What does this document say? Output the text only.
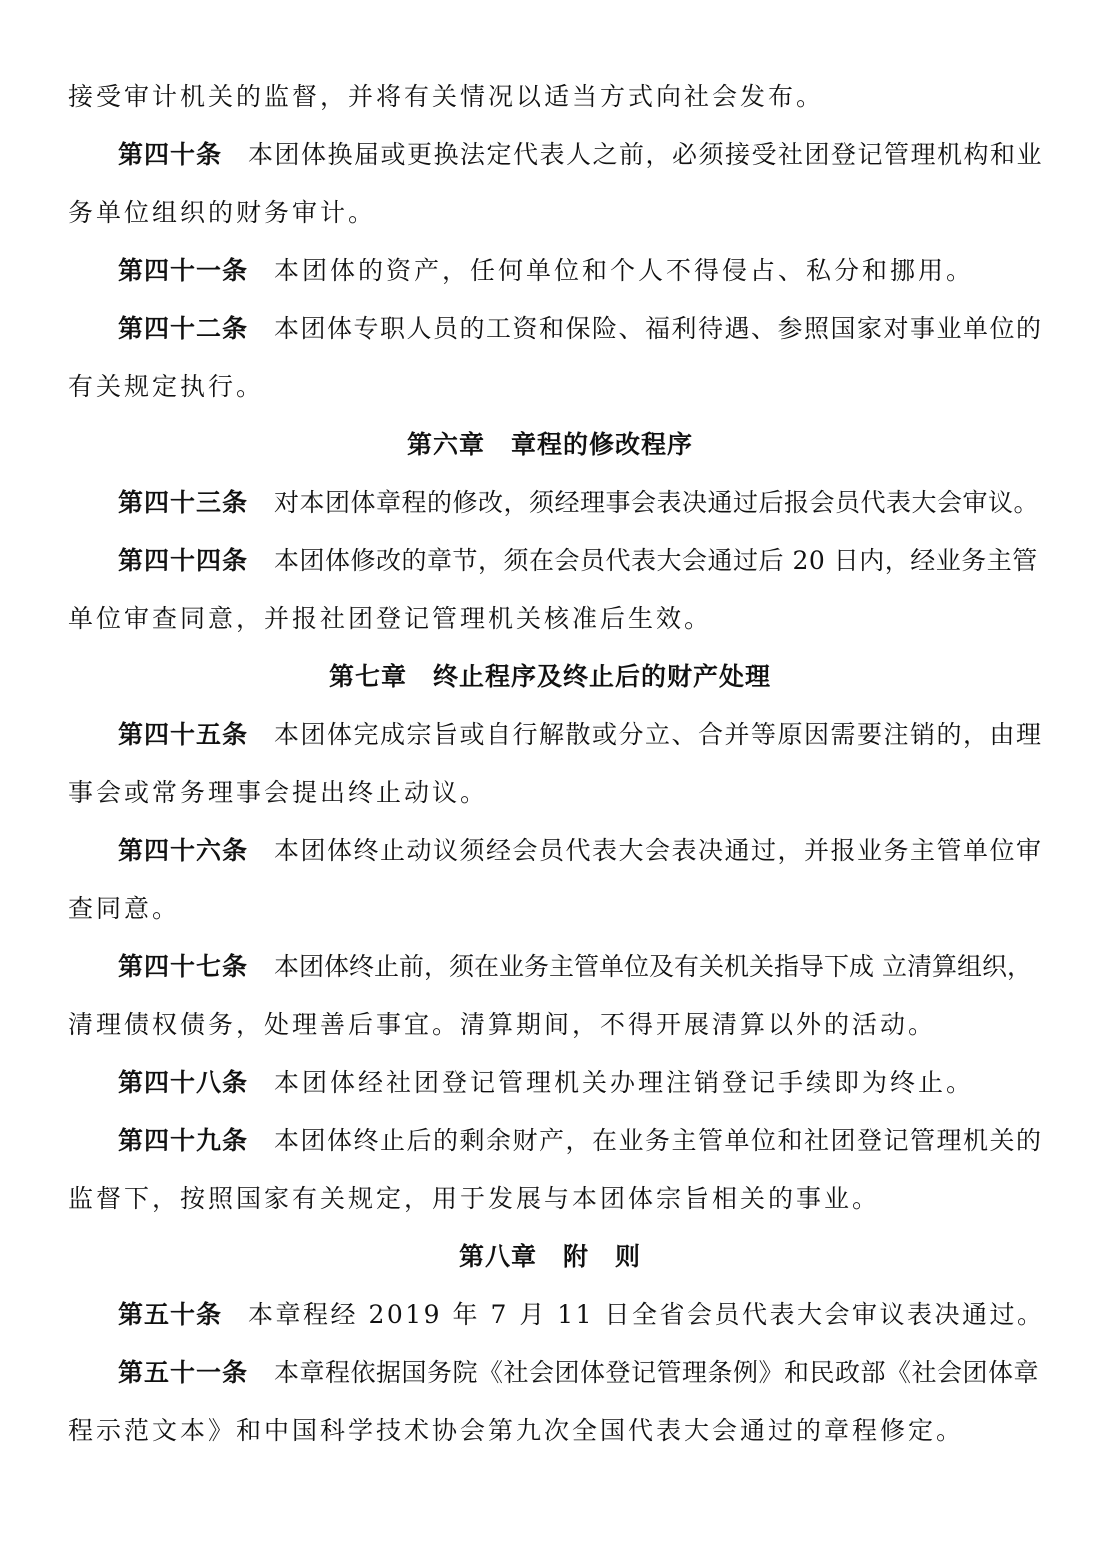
接受审计机关的监督，并将有关情况以适当方式向社会发布。
第四十条 本团体换届或更换法定代表人之前，必须接受社团登记管理机构和业
务单位组织的财务审计。
第四十一条 本团体的资产，任何单位和个人不得侵占、私分和挪用。
第四十二条 本团体专职人员的工资和保险、福利待遇、参照国家对事业单位的
有关规定执行。
第六章　章程的修改程序
第四十三条 对本团体章程的修改，须经理事会表决通过后报会员代表大会审议。
第四十四条 本团体修改的章节，须在会员代表大会通过后 20 日内，经业务主管
单位审查同意，并报社团登记管理机关核准后生效。
第七章　终止程序及终止后的财产处理
第四十五条 本团体完成宗旨或自行解散或分立、合并等原因需要注销的，由理
事会或常务理事会提出终止动议。
第四十六条 本团体终止动议须经会员代表大会表决通过，并报业务主管单位审
查同意。
第四十七条 本团体终止前，须在业务主管单位及有关机关指导下成 立清算组织，
清理债权债务，处理善后事宜。清算期间，不得开展清算以外的活动。
第四十八条 本团体经社团登记管理机关办理注销登记手续即为终止。
第四十九条 本团体终止后的剩余财产，在业务主管单位和社团登记管理机关的
监督下，按照国家有关规定，用于发展与本团体宗旨相关的事业。
第八章　附　则
第五十条 本章程经 2019 年 7 月 11 日全省会员代表大会审议表决通过。
第五十一条 本章程依据国务院《社会团体登记管理条例》和民政部《社会团体章
程示范文本》和中国科学技术协会第九次全国代表大会通过的章程修定。
